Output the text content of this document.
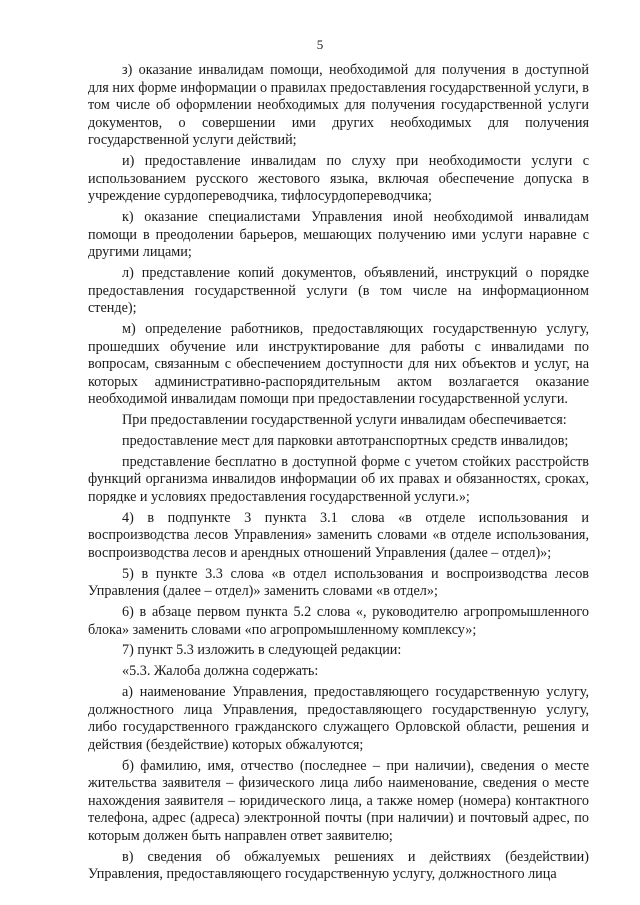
5

з) оказание инвалидам помощи, необходимой для получения в доступной для них форме информации о правилах предоставления государственной услуги, в том числе об оформлении необходимых для получения государственной услуги документов, о совершении ими других необходимых для получения государственной услуги действий;

и) предоставление инвалидам по слуху при необходимости услуги с использованием русского жестового языка, включая обеспечение допуска в учреждение сурдопереводчика, тифлосурдопереводчика;

к) оказание специалистами Управления иной необходимой инвалидам помощи в преодолении барьеров, мешающих получению ими услуги наравне с другими лицами;

л) представление копий документов, объявлений, инструкций о порядке предоставления государственной услуги (в том числе на информационном стенде);

м) определение работников, предоставляющих государственную услугу, прошедших обучение или инструктирование для работы с инвалидами по вопросам, связанным с обеспечением доступности для них объектов и услуг, на которых административно-распорядительным актом возлагается оказание необходимой инвалидам помощи при предоставлении государственной услуги.

При предоставлении государственной услуги инвалидам обеспечивается:

предоставление мест для парковки автотранспортных средств инвалидов;

представление бесплатно в доступной форме с учетом стойких расстройств функций организма инвалидов информации об их правах и обязанностях, сроках, порядке и условиях предоставления государственной услуги.»;

4) в подпункте 3 пункта 3.1 слова «в отделе использования и воспроизводства лесов Управления» заменить словами «в отделе использования, воспроизводства лесов и арендных отношений Управления (далее – отдел)»;

5) в пункте 3.3 слова «в отдел использования и воспроизводства лесов Управления (далее – отдел)» заменить словами «в отдел»;

6) в абзаце первом пункта 5.2 слова «, руководителю агропромышленного блока» заменить словами «по агропромышленному комплексу»;

7) пункт 5.3 изложить в следующей редакции:

«5.3. Жалоба должна содержать:

а) наименование Управления, предоставляющего государственную услугу, должностного лица Управления, предоставляющего государственную услугу, либо государственного гражданского служащего Орловской области, решения и действия (бездействие) которых обжалуются;

б) фамилию, имя, отчество (последнее – при наличии), сведения о месте жительства заявителя – физического лица либо наименование, сведения о месте нахождения заявителя – юридического лица, а также номер (номера) контактного телефона, адрес (адреса) электронной почты (при наличии) и почтовый адрес, по которым должен быть направлен ответ заявителю;

в) сведения об обжалуемых решениях и действиях (бездействии) Управления, предоставляющего государственную услугу, должностного лица
